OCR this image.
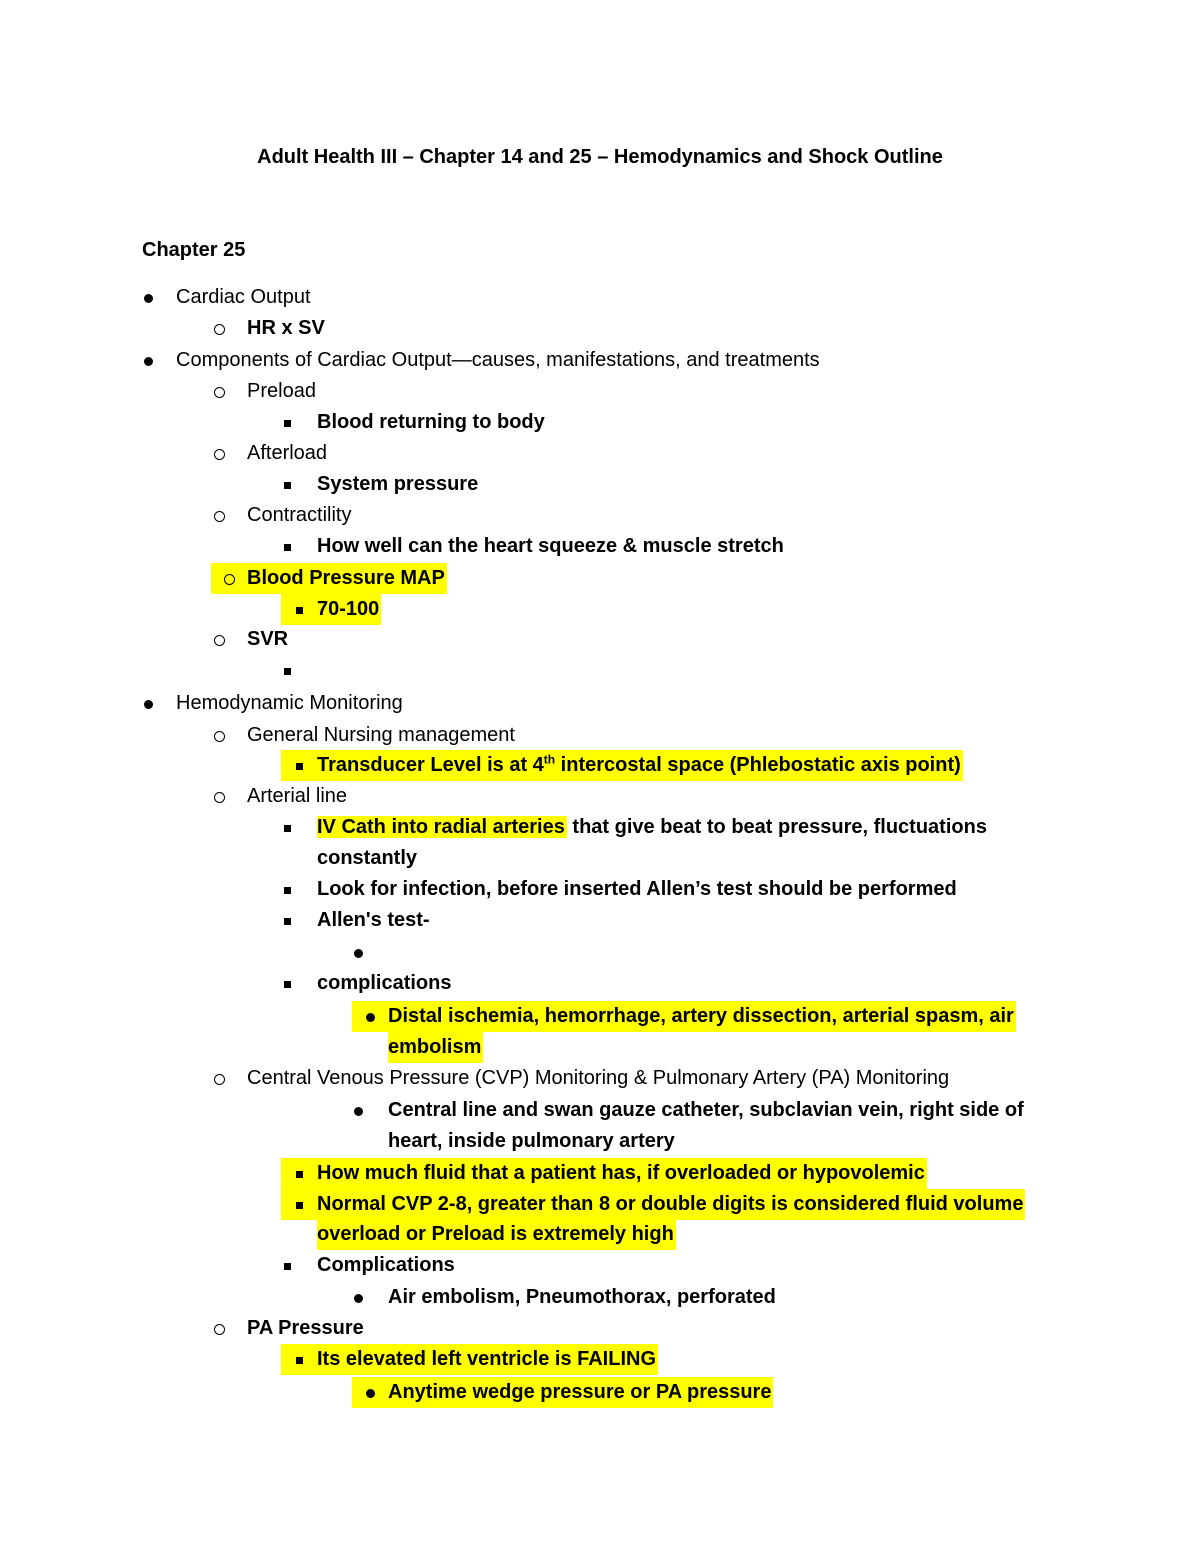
Adult Health III – Chapter 14 and 25 – Hemodynamics and Shock Outline
Chapter 25
Cardiac Output
HR x SV
Components of Cardiac Output—causes, manifestations, and treatments
Preload
Blood returning to body
Afterload
System pressure
Contractility
How well can the heart squeeze & muscle stretch
Blood Pressure MAP
70-100
SVR
Hemodynamic Monitoring
General Nursing management
Transducer Level is at 4th intercostal space (Phlebostatic axis point)
Arterial line
IV Cath into radial arteries that give beat to beat pressure, fluctuations
constantly
Look for infection, before inserted Allen’s test should be performed
Allen's test-
complications
Distal ischemia, hemorrhage, artery dissection, arterial spasm, air
embolism
Central Venous Pressure (CVP) Monitoring & Pulmonary Artery (PA) Monitoring
Central line and swan gauze catheter, subclavian vein, right side of
heart, inside pulmonary artery
How much fluid that a patient has, if overloaded or hypovolemic
Normal CVP 2-8, greater than 8 or double digits is considered fluid volume
overload or Preload is extremely high
Complications
Air embolism, Pneumothorax, perforated
PA Pressure
Its elevated left ventricle is FAILING
Anytime wedge pressure or PA pressure
